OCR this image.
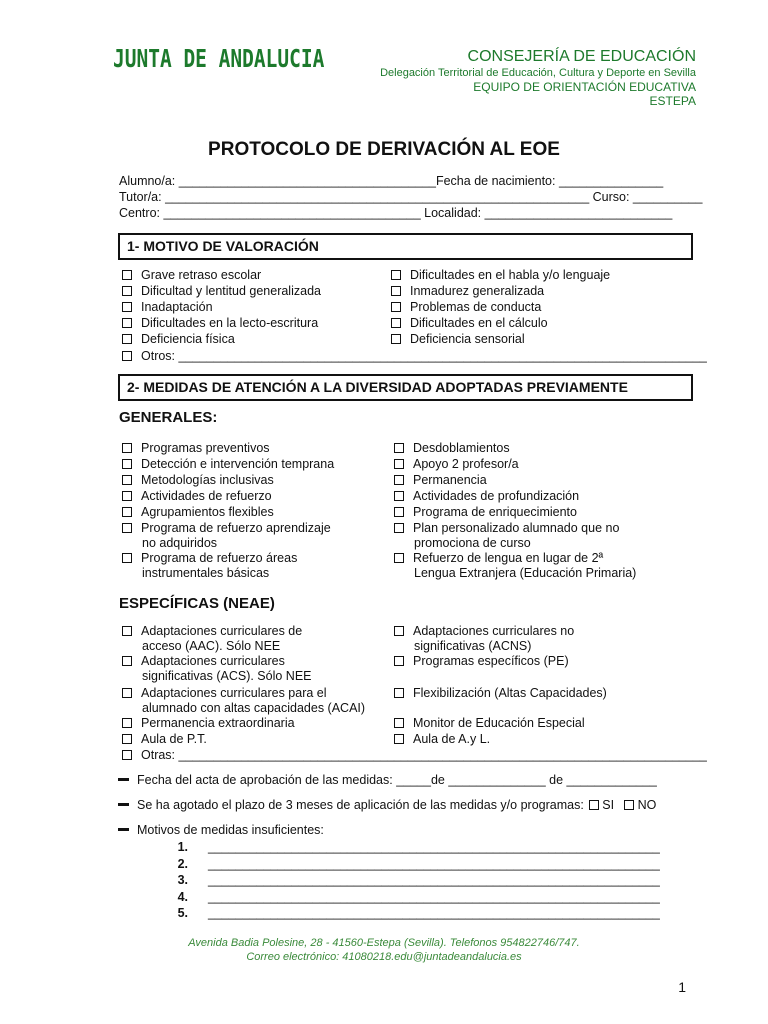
JUNTA DE ANDALUCIA	CONSEJERÍA DE EDUCACIÓN
Delegación Territorial de Educación, Cultura y Deporte en Sevilla
EQUIPO DE ORIENTACIÓN EDUCATIVA
ESTEPA
PROTOCOLO DE DERIVACIÓN AL EOE
Alumno/a: _____________________________________Fecha de nacimiento: _______________
Tutor/a: _____________________________________________________________ Curso: __________
Centro: _____________________________________ Localidad: ___________________________
1- MOTIVO DE VALORACIÓN
Grave retraso escolar
Dificultad y lentitud generalizada
Inadaptación
Dificultades en la lecto-escritura
Deficiencia física
Dificultades en el habla y/o lenguaje
Inmadurez generalizada
Problemas de conducta
Dificultades en el cálculo
Deficiencia sensorial
Otros: ____________________________________________________________________________
2- MEDIDAS DE ATENCIÓN A LA DIVERSIDAD ADOPTADAS PREVIAMENTE
GENERALES:
Programas preventivos
Detección e intervención temprana
Metodologías inclusivas
Actividades de refuerzo
Agrupamientos flexibles
Programa de refuerzo aprendizaje
no adquiridos
Programa de refuerzo áreas
instrumentales básicas
Desdoblamientos
Apoyo 2 profesor/a
Permanencia
Actividades de profundización
Programa de enriquecimiento
Plan personalizado alumnado que no
promociona de curso
Refuerzo de lengua en lugar de 2ª
Lengua Extranjera (Educación Primaria)
ESPECÍFICAS (NEAE)
Adaptaciones curriculares de
acceso (AAC). Sólo NEE
Adaptaciones curriculares
significativas (ACS). Sólo NEE
Adaptaciones curriculares para el
alumnado con altas capacidades (ACAI)
Permanencia extraordinaria
Aula de P.T.
Adaptaciones curriculares no
significativas (ACNS)
Programas específicos (PE)
Flexibilización (Altas Capacidades)
Monitor de Educación Especial
Aula de A.y L.
Otras: ____________________________________________________________________________
Fecha del acta de aprobación de las medidas: _____de ______________ de _____________
Se ha agotado el plazo de 3 meses de aplicación de las medidas y/o programas: SI NO
Motivos de medidas insuficientes:
1. _________________________________________________________________
2. _________________________________________________________________
3. _________________________________________________________________
4. _________________________________________________________________
5. _________________________________________________________________
Avenida Badia Polesine, 28 - 41560-Estepa (Sevilla). Telefonos 954822746/747.
Correo electrónico: 41080218.edu@juntadeandalucia.es
1
